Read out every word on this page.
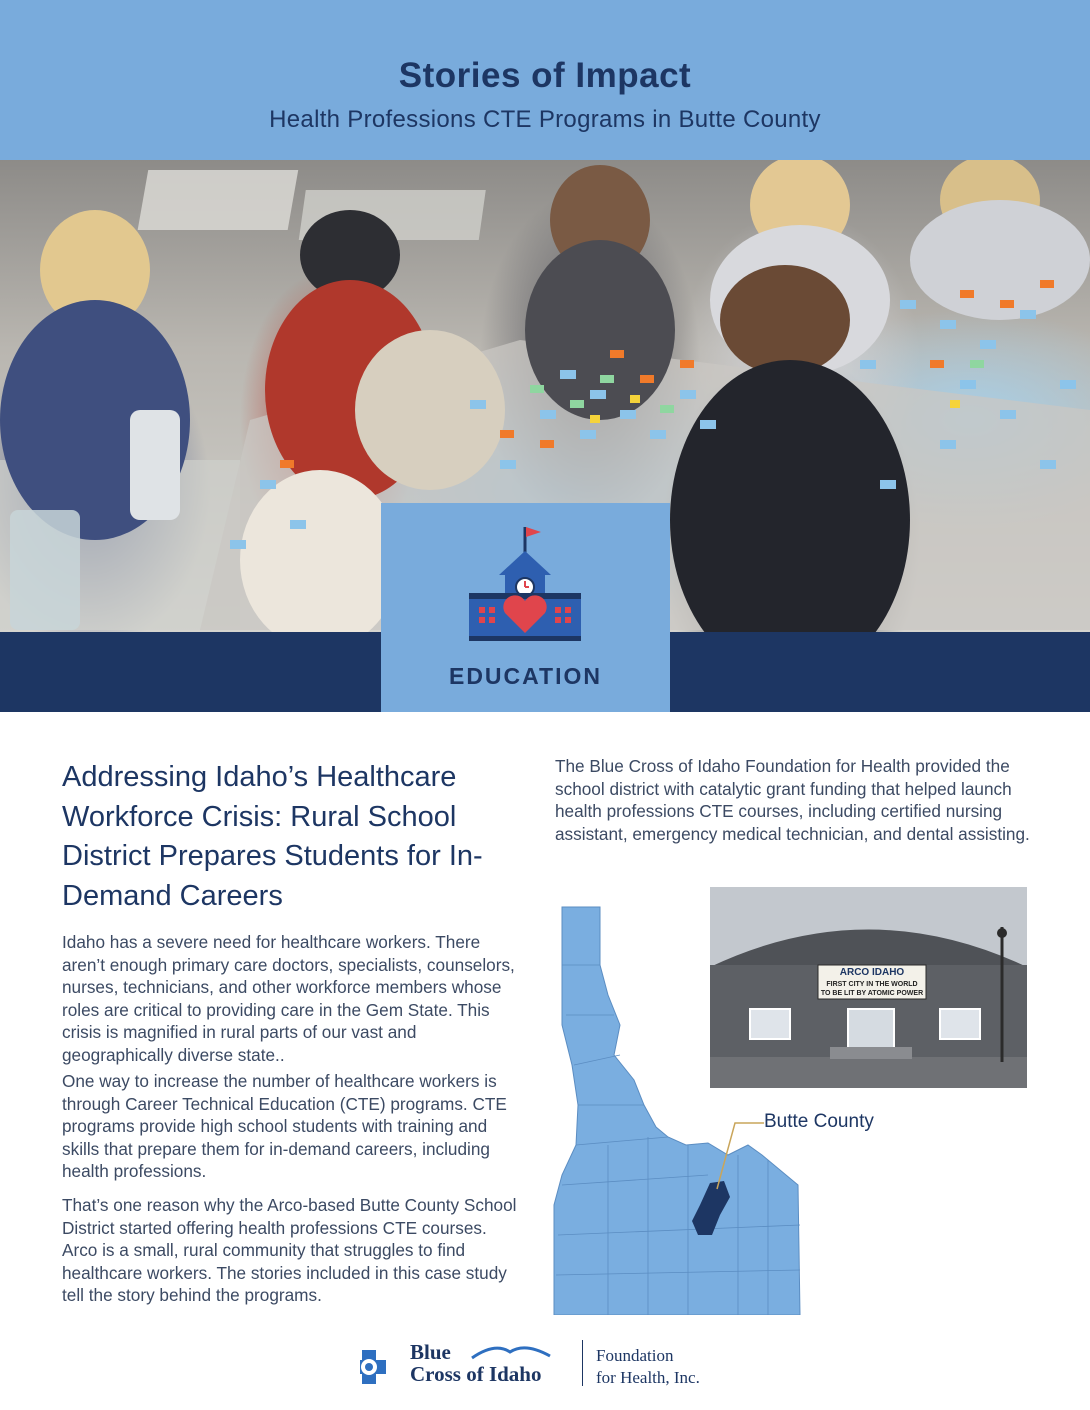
Stories of Impact
Health Professions CTE Programs in Butte County
EDUCATION
Addressing Idaho’s Healthcare Workforce Crisis: Rural School District Prepares Students for In-Demand Careers

Idaho has a severe need for healthcare workers. There aren’t enough primary care doctors, specialists, counselors, nurses, technicians, and other workforce members whose roles are critical to providing care in the Gem State. This crisis is magnified in rural parts of our vast and geographically diverse state..

One way to increase the number of healthcare workers is through Career Technical Education (CTE) programs. CTE programs provide high school students with training and skills that prepare them for in-demand careers, including health professions.

That’s one reason why the Arco-based Butte County School District started offering health professions CTE courses. Arco is a small, rural community that struggles to find healthcare workers. The stories included in this case study tell the story behind the programs.

The Blue Cross of Idaho Foundation for Health provided the school district with catalytic grant funding that helped launch health professions CTE courses, including certified nursing assistant, emergency medical technician, and dental assisting.

Butte County
ARCO IDAHO
FIRST CITY IN THE WORLD
TO BE LIT BY ATOMIC POWER
Blue
Cross of Idaho
Foundation
for Health, Inc.
